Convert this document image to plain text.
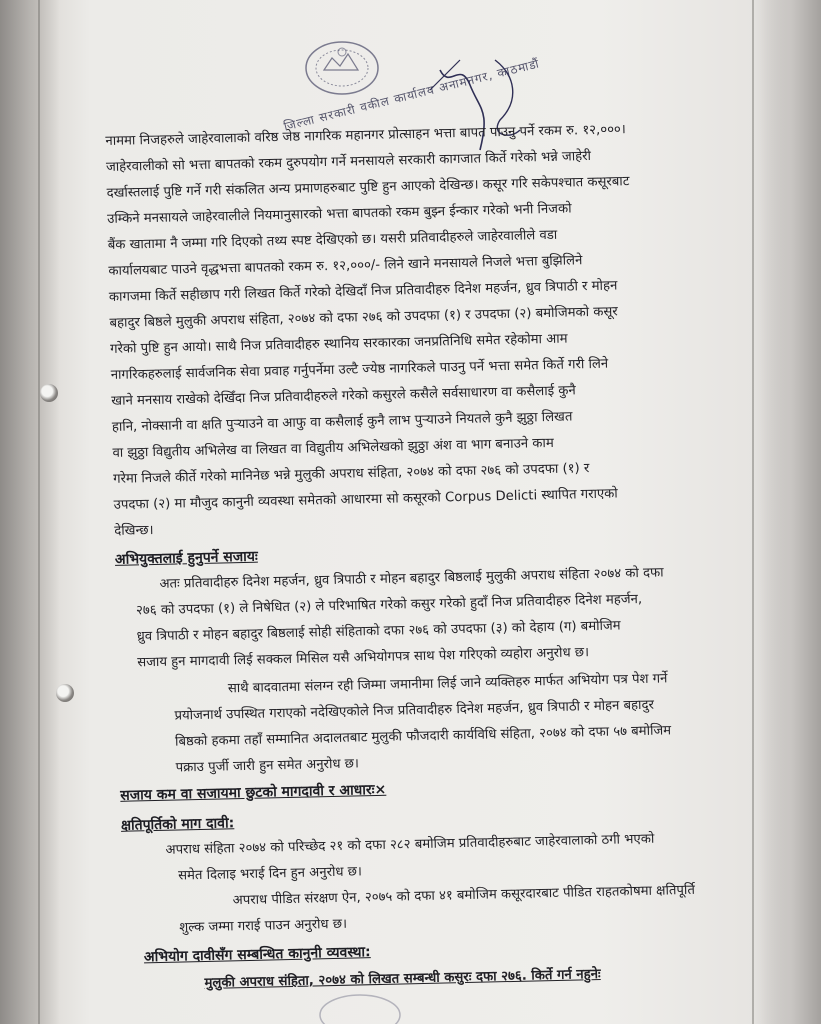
जिल्ला सरकारी वकील कार्यालय अनामनगर, काठमाडौं
नाममा निजहरुले जाहेरवालाको वरिष्ठ जेष्ठ नागरिक महानगर प्रोत्साहन भत्ता बापत पाउनु पर्ने रकम रु. १२,०००।
जाहेरवालीको सो भत्ता बापतको रकम दुरुपयोग गर्ने मनसायले सरकारी कागजात किर्ते गरेको भन्ने जाहेरी
दर्खास्तलाई पुष्टि गर्ने गरी संकलित अन्य प्रमाणहरुबाट पुष्टि हुन आएको देखिन्छ। कसूर गरि सकेपश्चात कसूरबाट
उम्किने मनसायले जाहेरवालीले नियमानुसारको भत्ता बापतको रकम बुझ्न ईन्कार गरेको भनी निजको
बैंक खातामा नै जम्मा गरि दिएको तथ्य स्पष्ट देखिएको छ। यसरी प्रतिवादीहरुले जाहेरवालीले वडा
कार्यालयबाट पाउने वृद्धभत्ता बापतको रकम रु. १२,०००/- लिने खाने मनसायले निजले भत्ता बुझिलिने
कागजमा किर्ते सहीछाप गरी लिखत किर्ते गरेको देखिदाँ निज प्रतिवादीहरु दिनेश महर्जन, ध्रुव त्रिपाठी र मोहन
बहादुर बिष्ठले मुलुकी अपराध संहिता, २०७४ को दफा २७६ को उपदफा (१) र उपदफा (२) बमोजिमको कसूर
गरेको पुष्टि हुन आयो। साथै निज प्रतिवादीहरु स्थानिय सरकारका जनप्रतिनिधि समेत रहेकोमा आम
नागरिकहरुलाई सार्वजनिक सेवा प्रवाह गर्नुपर्नेमा उल्टै ज्येष्ठ नागरिकले पाउनु पर्ने भत्ता समेत किर्ते गरी लिने
खाने मनसाय राखेको देखिँदा निज प्रतिवादीहरुले गरेको कसुरले कसैले सर्वसाधारण वा कसैलाई कुनै
हानि, नोक्सानी वा क्षति पुऱ्याउने वा आफु वा कसैलाई कुनै लाभ पुऱ्याउने नियतले कुनै झुठ्ठा लिखत
वा झुठ्ठा विद्युतीय अभिलेख वा लिखत वा विद्युतीय अभिलेखको झुठ्ठा अंश वा भाग बनाउने काम
गरेमा निजले कीर्ते गरेको मानिनेछ भन्ने मुलुकी अपराध संहिता, २०७४ को दफा २७६ को उपदफा (१) र
उपदफा (२) मा मौजुद कानुनी व्यवस्था समेतको आधारमा सो कसूरको Corpus Delicti स्थापित गराएको
देखिन्छ।
अभियुक्तलाई हुनुपर्ने सजायः
अतः प्रतिवादीहरु दिनेश महर्जन, ध्रुव त्रिपाठी र मोहन बहादुर बिष्ठलाई मुलुकी अपराध संहिता २०७४ को दफा
२७६ को उपदफा (१) ले निषेधित (२) ले परिभाषित गरेको कसुर गरेको हुदाँ निज प्रतिवादीहरु दिनेश महर्जन,
ध्रुव त्रिपाठी र मोहन बहादुर बिष्ठलाई सोही संहिताको दफा २७६ को उपदफा (३) को देहाय (ग) बमोजिम
सजाय हुन मागदावी लिई सक्कल मिसिल यसै अभियोगपत्र साथ पेश गरिएको व्यहोरा अनुरोध छ।
साथै बादवातमा संलग्न रही जिम्मा जमानीमा लिई जाने व्यक्तिहरु मार्फत अभियोग पत्र पेश गर्ने
प्रयोजनार्थ उपस्थित गराएको नदेखिएकोले निज प्रतिवादीहरु दिनेश महर्जन, ध्रुव त्रिपाठी र मोहन बहादुर
बिष्ठको हकमा तहाँ सम्मानित अदालतबाट मुलुकी फौजदारी कार्यविधि संहिता, २०७४ को दफा ५७ बमोजिम
पक्राउ पुर्जी जारी हुन समेत अनुरोध छ।
सजाय कम वा सजायमा छुटको मागदावी र आधारः×
क्षतिपूर्तिको माग दावी:
अपराध संहिता २०७४ को परिच्छेद २१ को दफा २८२ बमोजिम प्रतिवादीहरुबाट जाहेरवालाको ठगी भएको
समेत दिलाइ भराई दिन हुन अनुरोध छ।
अपराध पीडित संरक्षण ऐन, २०७५ को दफा ४१ बमोजिम कसूरदारबाट पीडित राहतकोषमा क्षतिपूर्ति
शुल्क जम्मा गराई पाउन अनुरोध छ।
अभियोग दावीसँग सम्बन्धित कानुनी व्यवस्था:
मुलुकी अपराध संहिता, २०७४ को लिखत सम्बन्धी कसुरः दफा २७६. किर्ते गर्न नहुनेः
